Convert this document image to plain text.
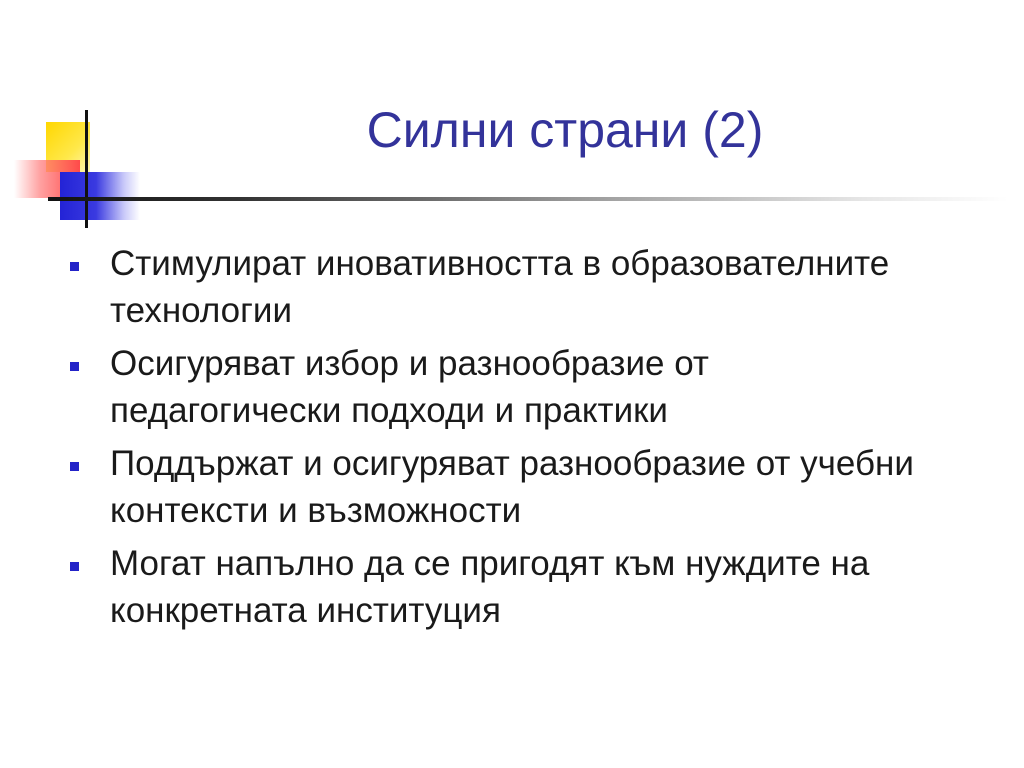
Силни страни (2)
Стимулират иновативността в образователните технологии
Осигуряват избор и разнообразие от педагогически подходи и практики
Поддържат и осигуряват разнообразие от учебни контексти и възможности
Могат напълно да се пригодят към нуждите на конкретната институция
